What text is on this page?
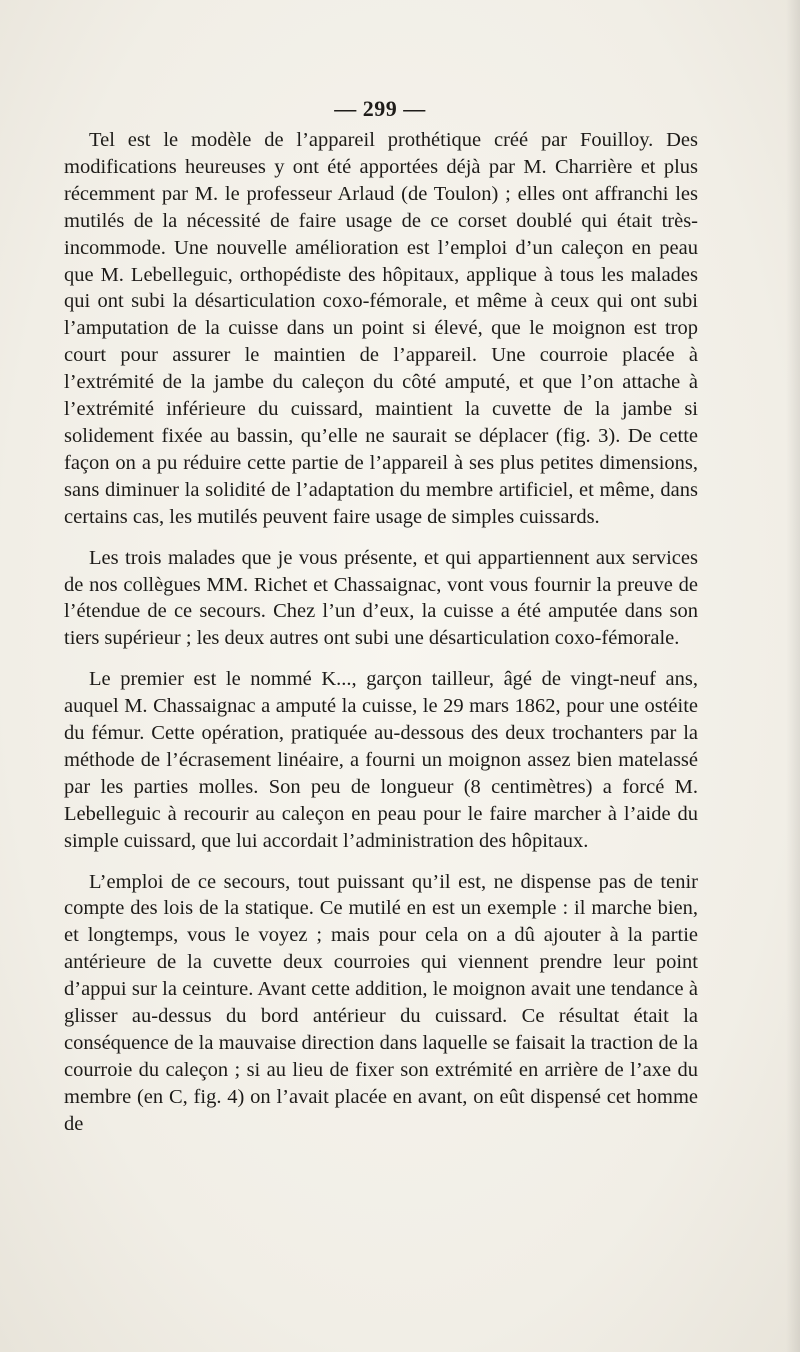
— 299 —

Tel est le modèle de l’appareil prothétique créé par Fouilloy. Des modifications heureuses y ont été apportées déjà par M. Charrière et plus récemment par M. le professeur Arlaud (de Toulon) ; elles ont affranchi les mutilés de la nécessité de faire usage de ce corset doublé qui était très-incommode. Une nouvelle amélioration est l’emploi d’un caleçon en peau que M. Lebelleguic, orthopédiste des hôpitaux, applique à tous les malades qui ont subi la désarticulation coxo-fémorale, et même à ceux qui ont subi l’amputation de la cuisse dans un point si élevé, que le moignon est trop court pour assurer le maintien de l’appareil. Une courroie placée à l’extrémité de la jambe du caleçon du côté amputé, et que l’on attache à l’extrémité inférieure du cuissard, maintient la cuvette de la jambe si solidement fixée au bassin, qu’elle ne saurait se déplacer (fig. 3). De cette façon on a pu réduire cette partie de l’appareil à ses plus petites dimensions, sans diminuer la solidité de l’adaptation du membre artificiel, et même, dans certains cas, les mutilés peuvent faire usage de simples cuissards.

Les trois malades que je vous présente, et qui appartiennent aux services de nos collègues MM. Richet et Chassaignac, vont vous fournir la preuve de l’étendue de ce secours. Chez l’un d’eux, la cuisse a été amputée dans son tiers supérieur ; les deux autres ont subi une désarticulation coxo-fémorale.

Le premier est le nommé K..., garçon tailleur, âgé de vingt-neuf ans, auquel M. Chassaignac a amputé la cuisse, le 29 mars 1862, pour une ostéite du fémur. Cette opération, pratiquée au-dessous des deux trochanters par la méthode de l’écrasement linéaire, a fourni un moignon assez bien matelassé par les parties molles. Son peu de longueur (8 centimètres) a forcé M. Lebelleguic à recourir au caleçon en peau pour le faire marcher à l’aide du simple cuissard, que lui accordait l’administration des hôpitaux.

L’emploi de ce secours, tout puissant qu’il est, ne dispense pas de tenir compte des lois de la statique. Ce mutilé en est un exemple : il marche bien, et longtemps, vous le voyez ; mais pour cela on a dû ajouter à la partie antérieure de la cuvette deux courroies qui viennent prendre leur point d’appui sur la ceinture. Avant cette addition, le moignon avait une tendance à glisser au-dessus du bord antérieur du cuissard. Ce résultat était la conséquence de la mauvaise direction dans laquelle se faisait la traction de la courroie du caleçon ; si au lieu de fixer son extrémité en arrière de l’axe du membre (en C, fig. 4) on l’avait placée en avant, on eût dispensé cet homme de
